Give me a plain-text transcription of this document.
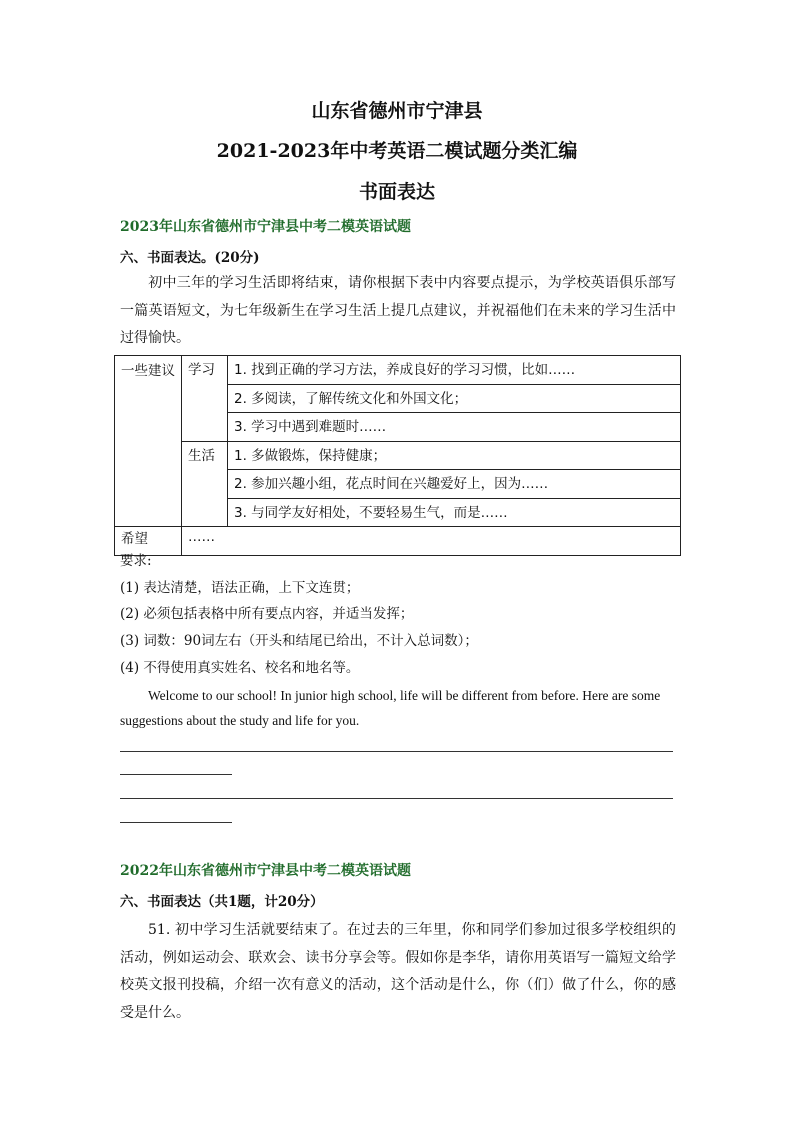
山东省德州市宁津县
2021-2023年中考英语二模试题分类汇编
书面表达
2023年山东省德州市宁津县中考二模英语试题
六、书面表达。(20分)
初中三年的学习生活即将结束，请你根据下表中内容要点提示，为学校英语俱乐部写一篇英语短文，为七年级新生在学习生活上提几点建议，并祝福他们在未来的学习生活中过得愉快。
一些建议	学习	1. 找到正确的学习方法，养成良好的学习习惯，比如……
		2. 多阅读，了解传统文化和外国文化；
		3. 学习中遇到难题时……
	生活	1. 多做锻炼，保持健康；
		2. 参加兴趣小组，花点时间在兴趣爱好上，因为……
		3. 与同学友好相处，不要轻易生气，而是……
希望	……	
要求:
(1) 表达清楚，语法正确，上下文连贯；
(2) 必须包括表格中所有要点内容，并适当发挥；
(3) 词数：90词左右（开头和结尾已给出，不计入总词数）；
(4) 不得使用真实姓名、校名和地名等。
Welcome to our school! In junior high school, life will be different from before. Here are some suggestions about the study and life for you.
2022年山东省德州市宁津县中考二模英语试题
六、书面表达（共1题，计20分）
51. 初中学习生活就要结束了。在过去的三年里，你和同学们参加过很多学校组织的活动，例如运动会、联欢会、读书分享会等。假如你是李华，请你用英语写一篇短文给学校英文报刊投稿，介绍一次有意义的活动，这个活动是什么，你（们）做了什么，你的感受是什么。
